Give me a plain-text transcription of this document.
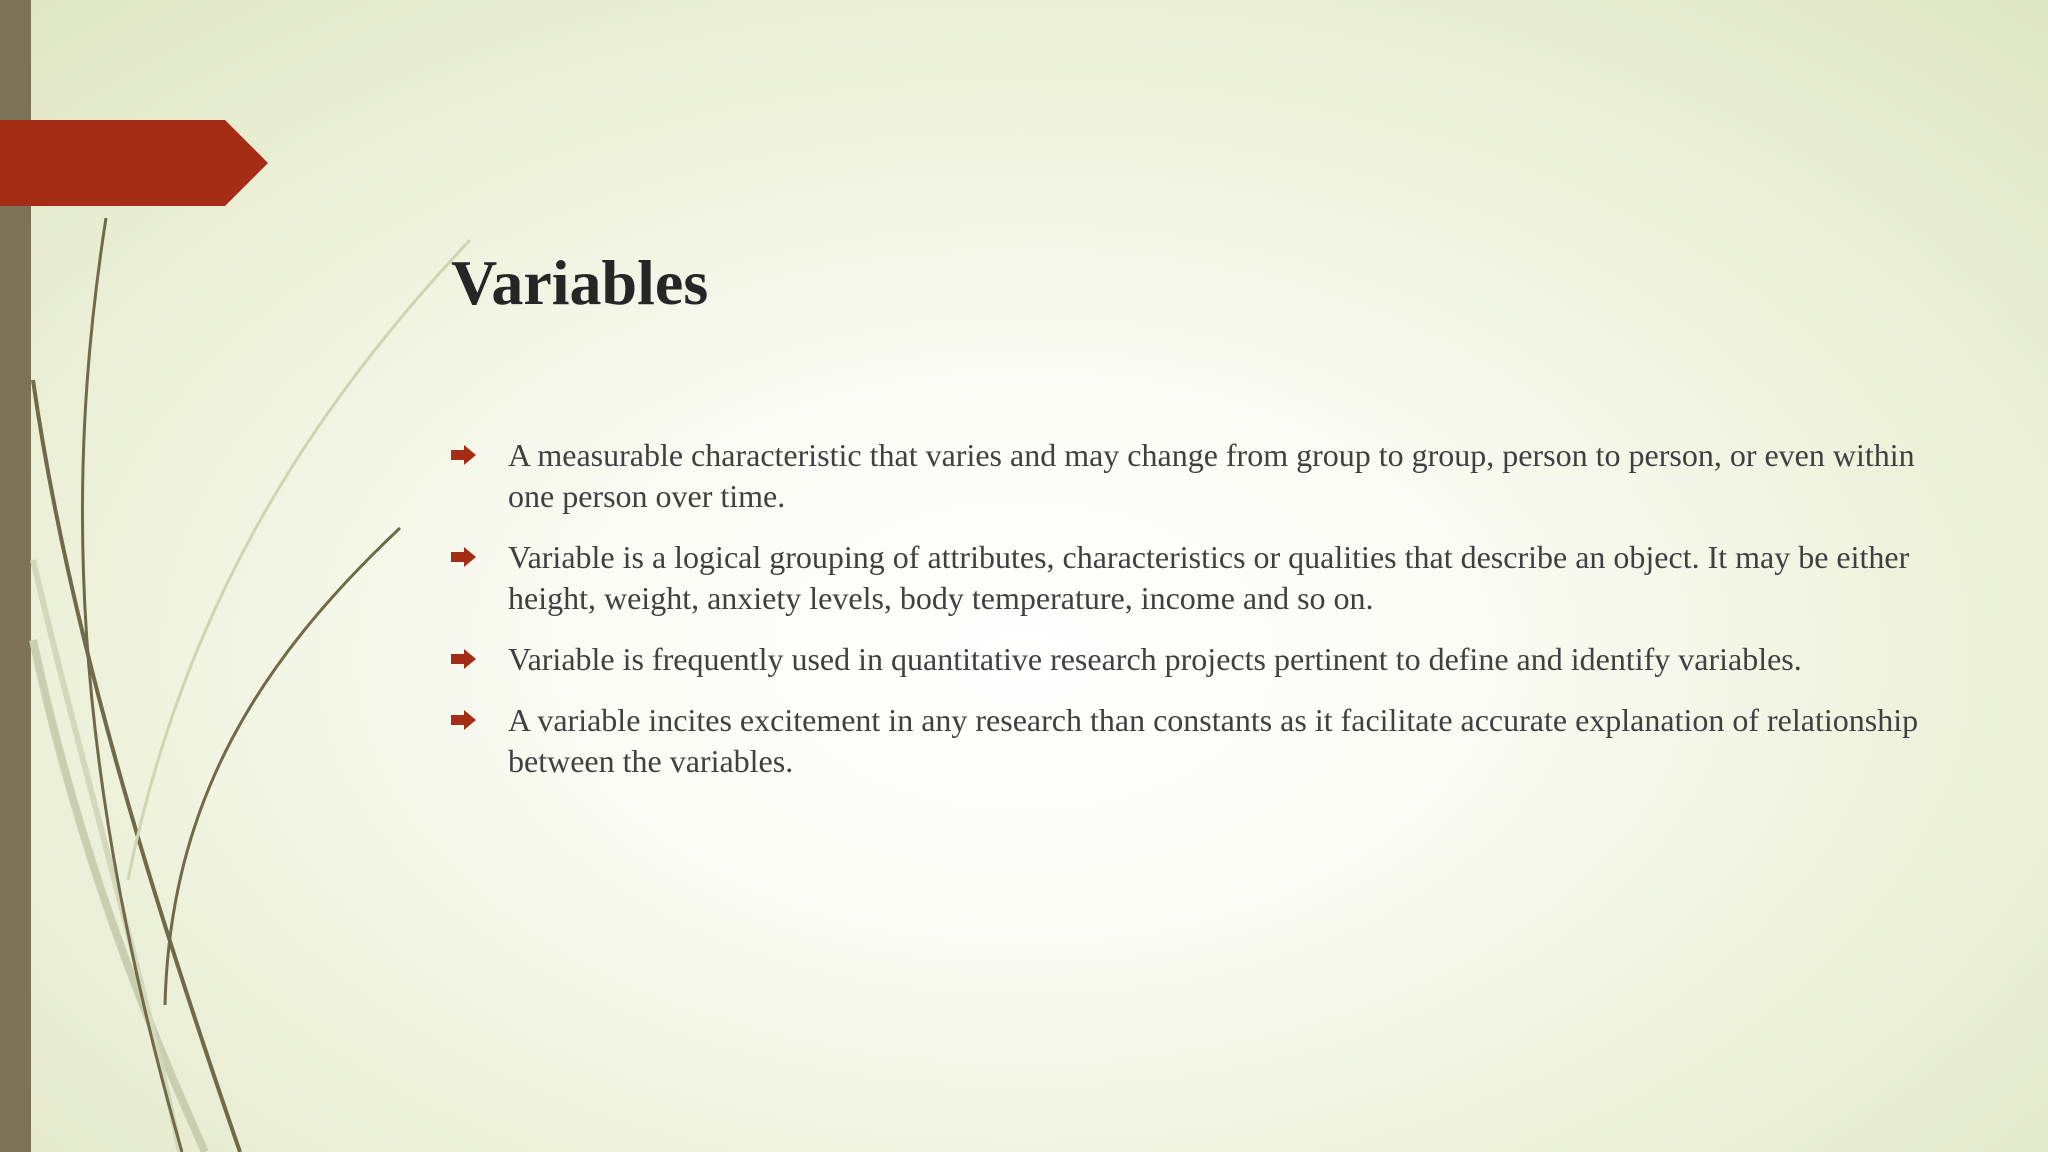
Variables
A measurable characteristic that varies and may change from group to group, person to person, or even within one person over time.
Variable is a logical grouping of attributes, characteristics or qualities that describe an object. It may be either height, weight, anxiety levels, body temperature, income and so on.
Variable is frequently used in quantitative research projects pertinent to define and identify variables.
A variable incites excitement in any research than constants as it facilitate accurate explanation of relationship between the variables.
